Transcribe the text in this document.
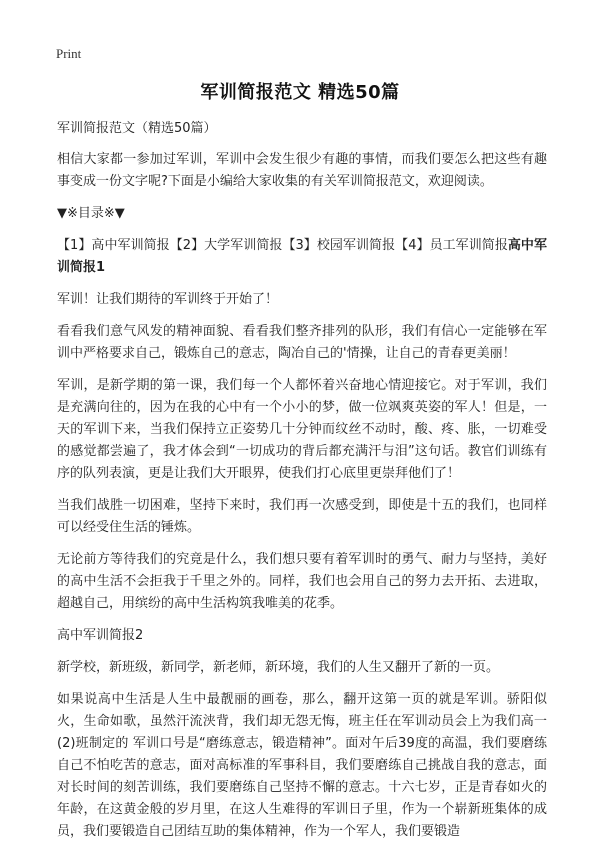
Print
军训简报范文 精选50篇

军训简报范文（精选50篇）

相信大家都一参加过军训，军训中会发生很少有趣的事情，而我们要怎么把这些有趣事变成一份文字呢?下面是小编给大家收集的有关军训简报范文，欢迎阅读。

▼※目录※▼

【1】高中军训简报【2】大学军训简报【3】校园军训简报【4】员工军训简报高中军训简报1

军训！让我们期待的军训终于开始了！

看看我们意气风发的精神面貌、看看我们整齐排列的队形，我们有信心一定能够在军训中严格要求自己，锻炼自己的意志，陶冶自己的'情操，让自己的青春更美丽！

军训，是新学期的第一课，我们每一个人都怀着兴奋地心情迎接它。对于军训，我们是充满向往的，因为在我的心中有一个小小的梦，做一位飒爽英姿的军人！但是，一天的军训下来，当我们保持立正姿势几十分钟而纹丝不动时，酸、疼、胀，一切难受的感觉都尝遍了，我才体会到“一切成功的背后都充满汗与泪”这句话。教官们训练有序的队列表演，更是让我们大开眼界，使我们打心底里更崇拜他们了！

当我们战胜一切困难，坚持下来时，我们再一次感受到，即使是十五的我们，也同样可以经受住生活的锤炼。

无论前方等待我们的究竟是什么，我们想只要有着军训时的勇气、耐力与坚持，美好的高中生活不会拒我于千里之外的。同样，我们也会用自己的努力去开拓、去进取，超越自己，用缤纷的高中生活构筑我唯美的花季。

高中军训简报2

新学校，新班级，新同学，新老师，新环境，我们的人生又翻开了新的一页。

如果说高中生活是人生中最靓丽的画卷，那么，翻开这第一页的就是军训。骄阳似火，生命如歌，虽然汗流浃背，我们却无怨无悔，班主任在军训动员会上为我们高一(2)班制定的 军训口号是“磨练意志，锻造精神”。面对午后39度的高温，我们要磨练自己不怕吃苦的意志，面对高标准的军事科目，我们要磨练自己挑战自我的意志，面对长时间的刻苦训练，我们要磨练自己坚持不懈的意志。十六七岁，正是青春如火的年龄，在这黄金般的岁月里，在这人生难得的军训日子里，作为一个崭新班集体的成员，我们要锻造自己团结互助的集体精神，作为一个军人，我们要锻造
